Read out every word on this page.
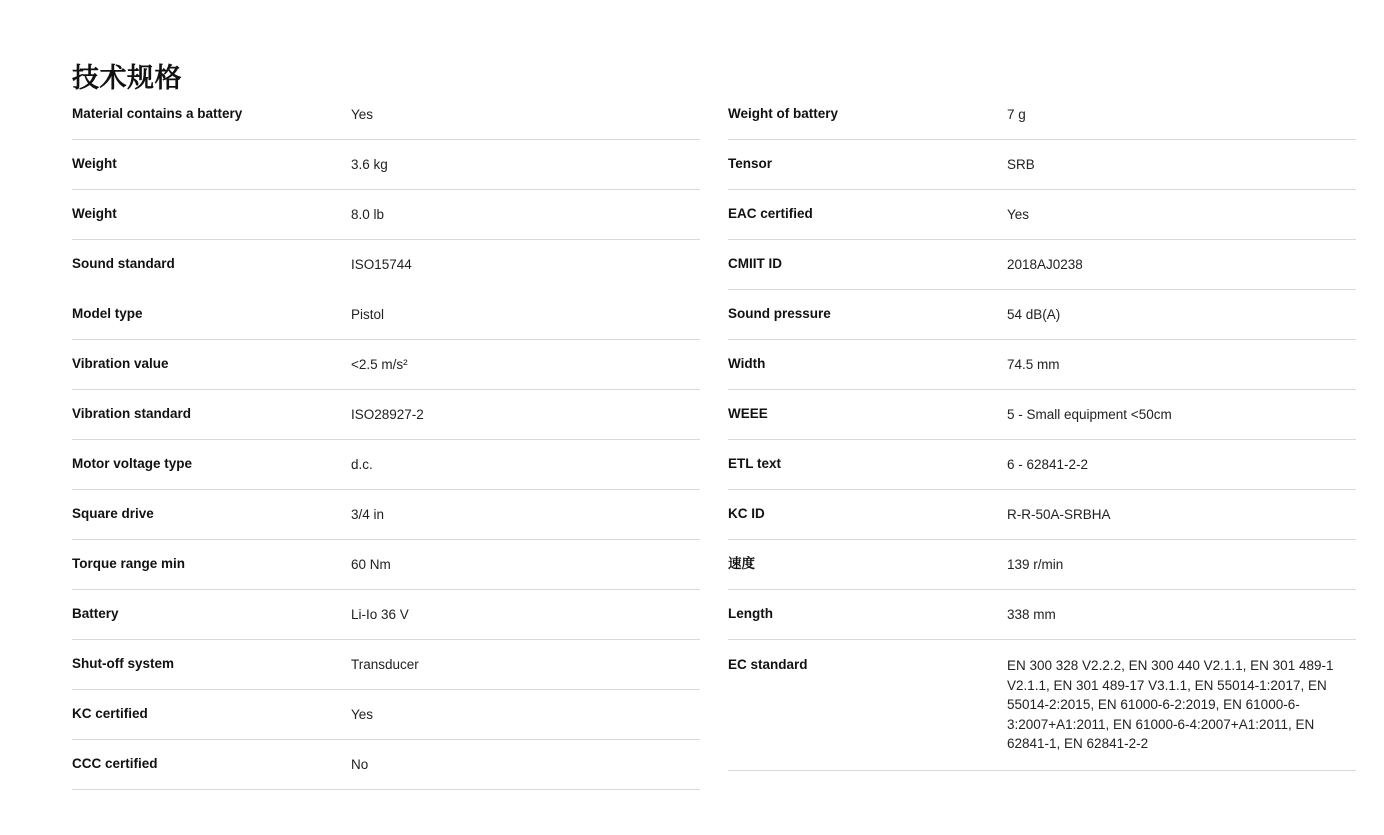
技术规格
Material contains a battery	Yes
Weight	3.6 kg
Weight	8.0 lb
Sound standard	ISO15744
Model type	Pistol
Vibration value	<2.5 m/s²
Vibration standard	ISO28927-2
Motor voltage type	d.c.
Square drive	3/4 in
Torque range min	60 Nm
Battery	Li-Io 36 V
Shut-off system	Transducer
KC certified	Yes
CCC certified	No
Weight of battery	7 g
Tensor	SRB
EAC certified	Yes
CMIIT ID	2018AJ0238
Sound pressure	54 dB(A)
Width	74.5 mm
WEEE	5 - Small equipment <50cm
ETL text	6 - 62841-2-2
KC ID	R-R-50A-SRBHA
速度	139 r/min
Length	338 mm
EC standard	EN 300 328 V2.2.2, EN 300 440 V2.1.1, EN 301 489-1 V2.1.1, EN 301 489-17 V3.1.1, EN 55014-1:2017, EN 55014-2:2015, EN 61000-6-2:2019, EN 61000-6-3:2007+A1:2011, EN 61000-6-4:2007+A1:2011, EN 62841-1, EN 62841-2-2
